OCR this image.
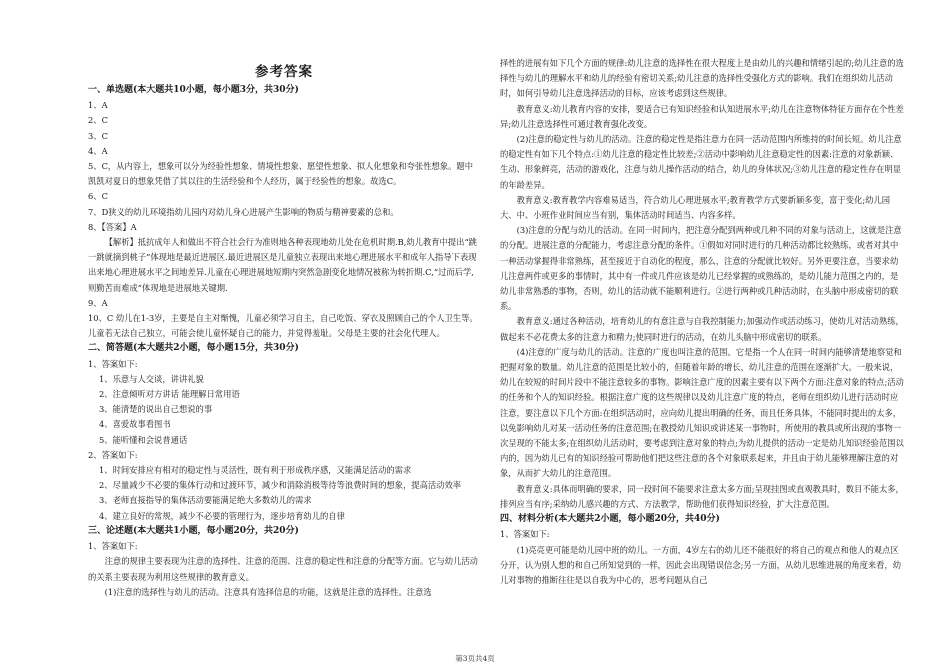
参考答案
一、单选题(本大题共10小题，每小题3分，共30分)
1、A
2、C
3、C
4、A
5、C，从内容上，想象可以分为经验性想象、情境性想象、愿望性想象、拟人化想象和夸张性想象。题中凯凯对夏日的想象凭借了其以往的生活经验和个人经历，属于经验性的想象。故选C。
6、C
7、D狭义的幼儿环境指幼儿园内对幼儿身心进展产生影响的物质与精神要素的总和。
8、【答案】A
【解析】抵抗成年人和做出不符合社会行为准则地各种表现地幼儿处在危机时期.B,幼儿教育中提出“跳一跳就摘到桃子”体现地是最近进展区.最近进展区是儿童独立表现出来地心理进展水平和成年人指导下表现出来地心理进展水平之间地差异.儿童在心理进展地短期内突然急剧变化地情况被称为转折期.C,“过而后学,则勤苦而难成”体现地是进展地关键期.
9、A
10、C 幼儿在1-3岁，主要是自主对惭愧，儿童必须学习自主，自己吃饭、穿衣及照顾自己的个人卫生等。儿童若无法自己独立，可能会使儿童怀疑自己的能力，并觉得羞耻。父母是主要的社会化代理人。
二、简答题(本大题共2小题，每小题15分，共30分)
1、答案如下:
1、乐意与人交谈，讲讲礼貌
2、注意倾听对方讲话 能理解日常用语
3、能清楚的说出自己想说的事
4、喜爱故事看图书
5、能听懂和会说普通话
2、答案如下:
1、时间安排应有相对的稳定性与灵活性，既有利于形成秩序感，又能满足活动的需求
2、尽量减少不必要的集体行动和过渡环节，减少和消除消极等待等浪费时间的想象，提高活动效率
3、老师直接指导的集体活动要能满足绝大多数幼儿的需求
4、建立良好的常规，减少不必要的管理行为，逐步培育幼儿的自律
三、论述题(本大题共1小题，每小题20分，共20分)
1、答案如下:
注意的规律主要表现为注意的选择性、注意的范围、注意的稳定性和注意的分配等方面。它与幼儿活动的关系主要表现为利用这些规律的教育意义。
(1)注意的选择性与幼儿的活动。注意具有选择信息的功能，这就是注意的选择性。注意选
择性的进展有如下几个方面的规律:幼儿注意的选择性在很大程度上是由幼儿的兴趣和情绪引起的;幼儿注意的选择性与幼儿的理解水平和幼儿的经验有密切关系;幼儿注意的选择性受强化方式的影响。我们在组织幼儿活动时，如何引导幼儿注意选择活动的目标，应该考虑到这些规律。
教育意义:幼儿教育内容的安排，要适合已有知识经验和认知进展水平;幼儿在注意物体特征方面存在个性差异;幼儿注意选择性可通过教育强化改变。
(2)注意的稳定性与幼儿的活动。注意的稳定性是指注意力在同一活动范围内所维持的时间长短。幼儿注意的稳定性有如下几个特点:①幼儿注意的稳定性比较差;②活动中影响幼儿注意稳定性的因素:注意的对象新颖、生动、形象鲜亮，活动的游戏化，注意与幼儿操作活动的结合，幼儿的身体状况;③幼儿注意的稳定性存在明显的年龄差异。
教育意义:教育教学内容难易适当，符合幼儿心理进展水平;教育教学方式要新颖多变，富于变化;幼儿园大、中、小班作业时间应当有别，集体活动时间适当、内容多样。
(3)注意的分配与幼儿的活动。在同一时间内，把注意分配到两种或几种不同的对象与活动上，这就是注意的分配。进展注意的分配能力，考虑注意分配的条件。①假如对同时进行的几种活动都比较熟练，或者对其中一种活动掌握得非常熟练，甚至接近于自动化的程度，那么，注意的分配就比较好。另外更要注意，当要求幼儿注意两件或更多的事情时，其中有一件或几件应该是幼儿已经掌握的或熟练的，是幼儿能力范围之内的，是幼儿非常熟悉的事物，否则，幼儿的活动就不能顺利进行。②进行两种或几种活动时，在头脑中形成密切的联系。
教育意义:通过各种活动，培育幼儿的有意注意与自我控制能力;加强动作或活动练习，使幼儿对活动熟练，做起来不必花费太多的注意力和精力;使同时进行的活动，在幼儿头脑中形成密切的联系。
(4)注意的广度与幼儿的活动。注意的广度也叫注意的范围。它是指一个人在同一时间内能够清楚地察觉和把握对象的数量。幼儿注意的范围是比较小的，但随着年龄的增长，幼儿注意的范围在逐渐扩大。一般来说，幼儿在较短的时间片段中不能注意较多的事物。影响注意广度的因素主要有以下两个方面:注意对象的特点;活动的任务和个人的知识经验。根据注意广度的这些规律以及幼儿注意广度的特点，老师在组织幼儿进行活动时应注意，要注意以下几个方面:在组织活动时，应向幼儿提出明确的任务，而且任务具体，不能同时提出的太多，以免影响幼儿对某一活动任务的注意范围;在教授幼儿知识或讲述某一事物时，所使用的教具或所出现的事物一次呈现的不能太多;在组织幼儿活动时，要考虑到注意对象的特点;为幼儿提供的活动一定是幼儿知识经验范围以内的，因为幼儿已有的知识经验可帮助他们把这些注意的各个对象联系起来，并且由于幼儿能够理解注意的对象，从而扩大幼儿的注意范围。
教育意义:具体而明确的要求，同一段时间不能要求注意太多方面;呈现挂图或直观教具时，数目不能太多，排列应当有序;采纳幼儿感兴趣的方式、方法教学，帮助他们获得知识经验，扩大注意范围。
四、材料分析(本大题共2小题，每小题20分，共40分)
1、答案如下:
(1)亮亮更可能是幼儿园中班的幼儿。一方面，4岁左右的幼儿还不能很好的将自己的观点和他人的观点区分开，认为别人想的和自己所知觉到的一样，因此会出现错误信念;另一方面，从幼儿思维进展的角度来看，幼儿对事物的推断往往是以自我为中心的，思考问题从自己
第3页共4页
